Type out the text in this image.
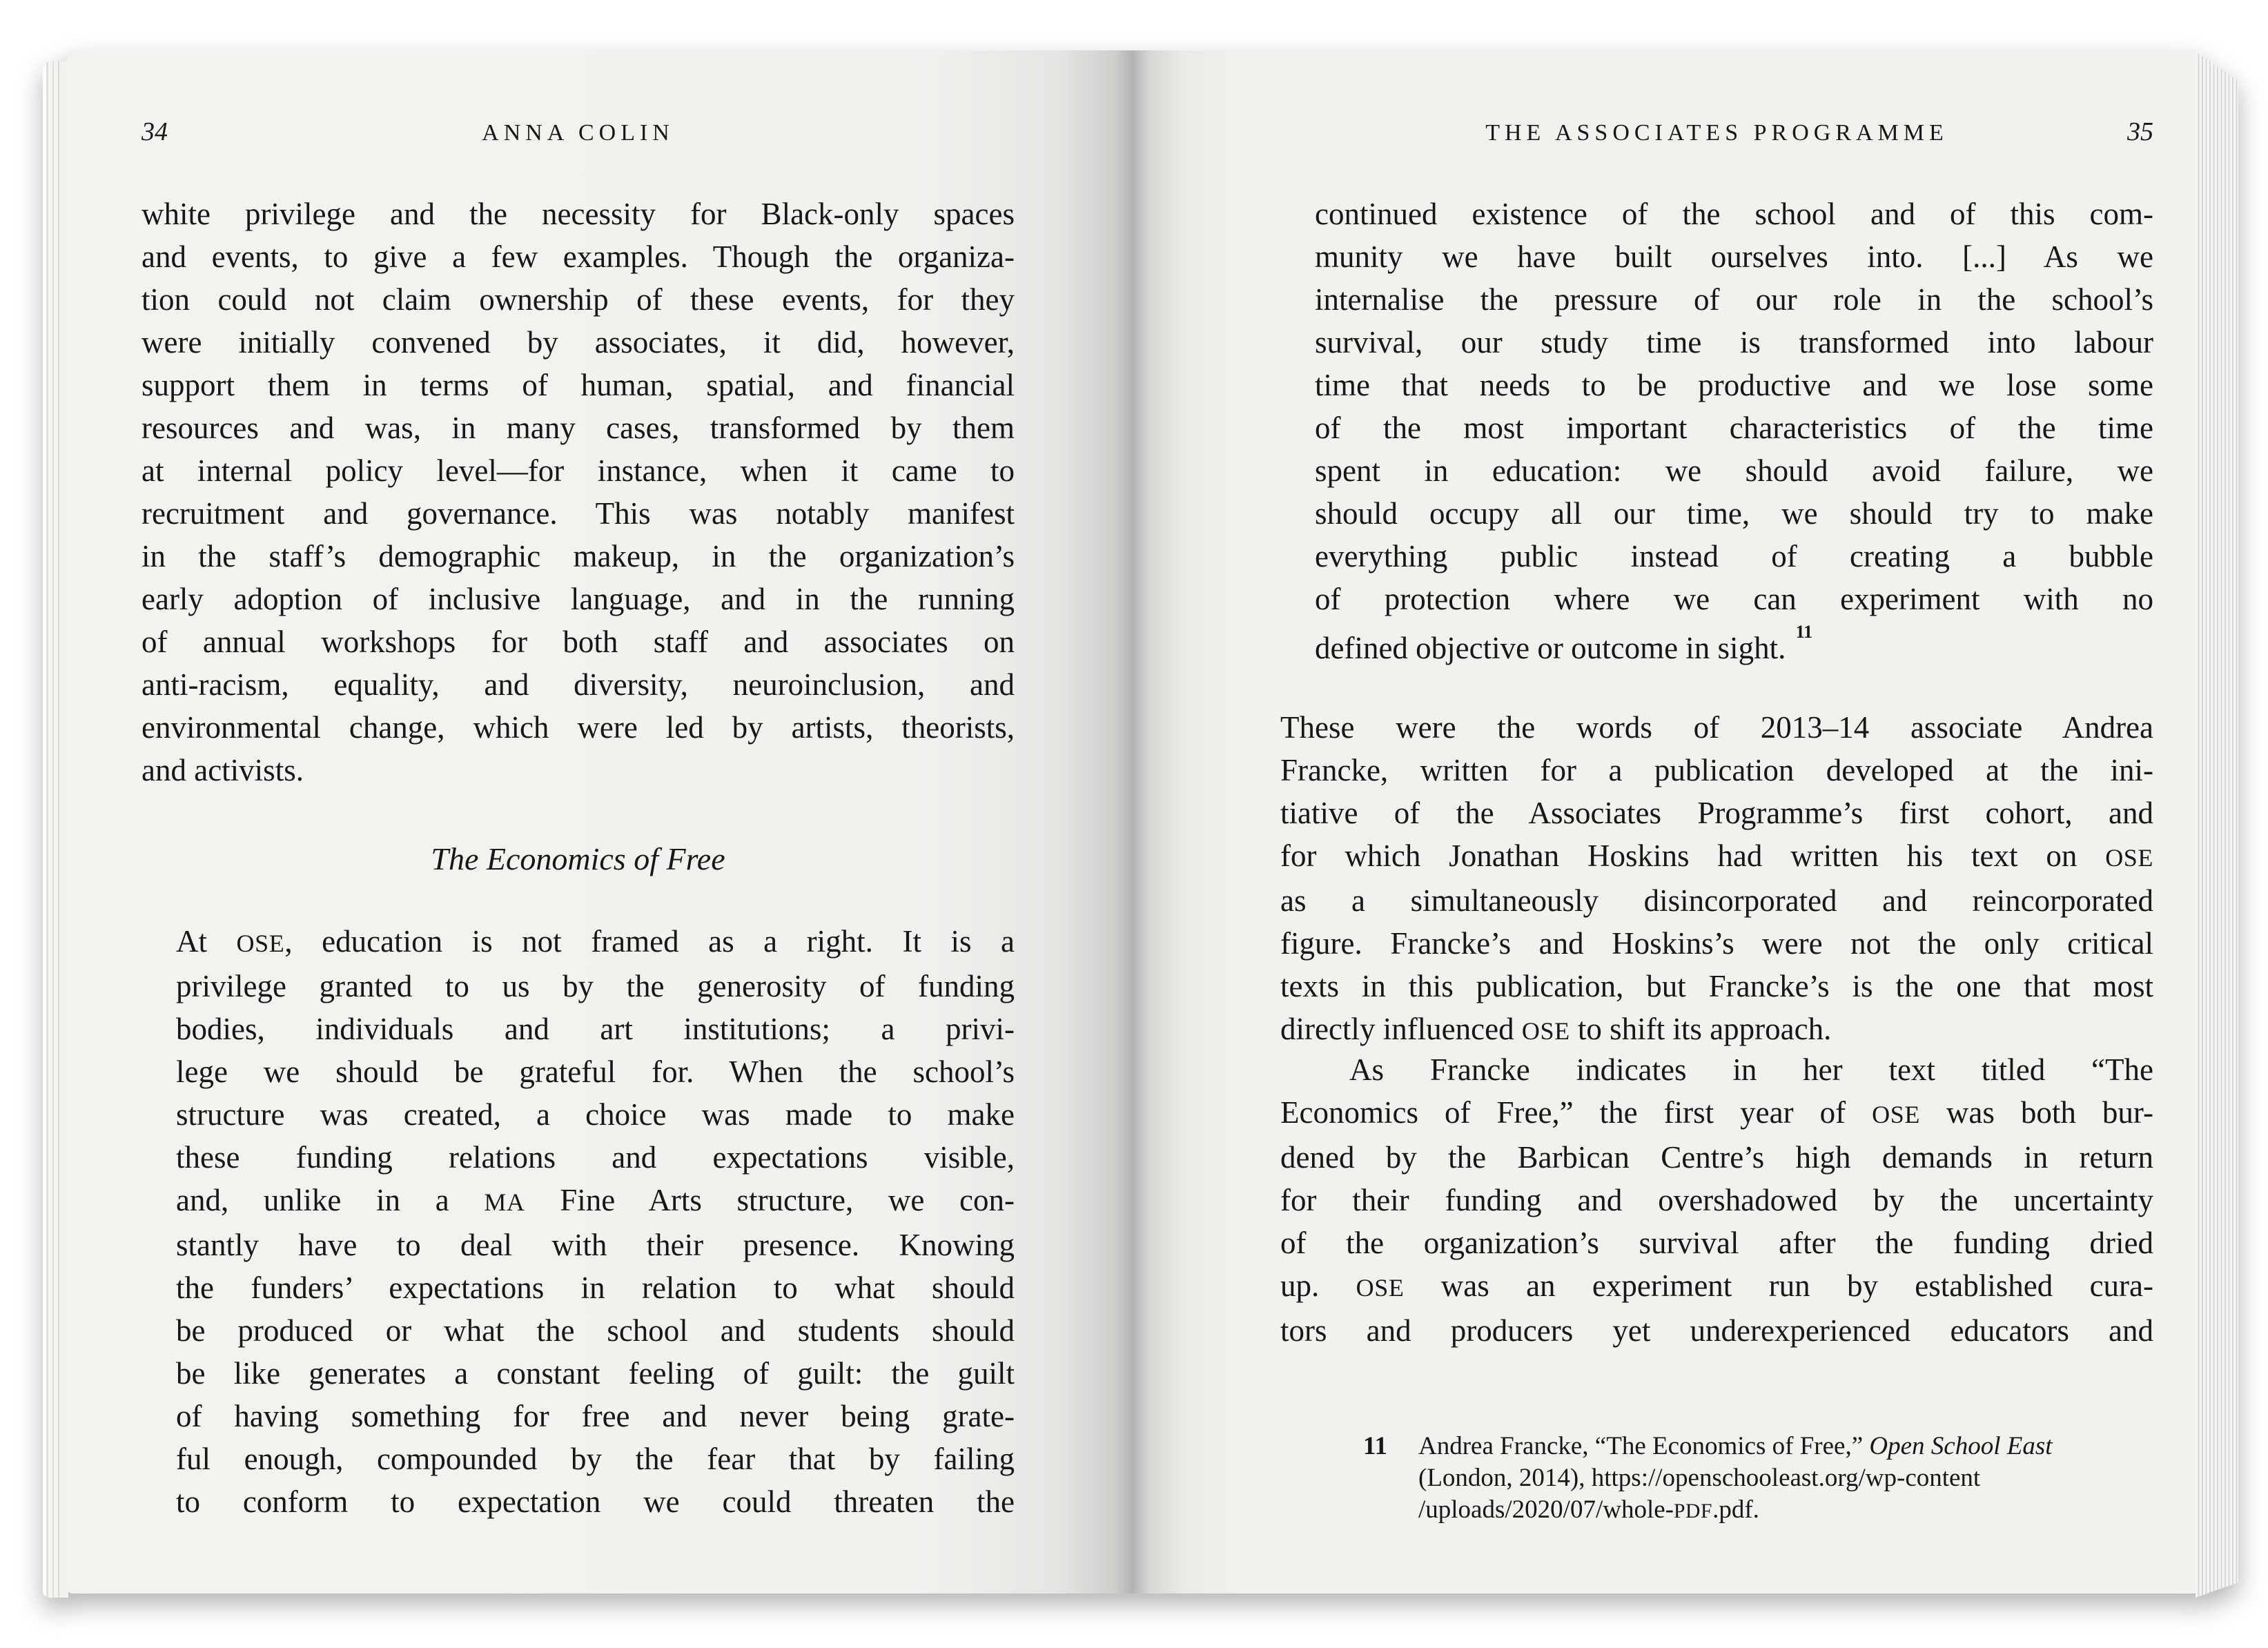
34	ANNA COLIN
white privilege and the necessity for Black-only spaces
and events, to give a few examples. Though the organiza-
tion could not claim ownership of these events, for they
were initially convened by associates, it did, however,
support them in terms of human, spatial, and financial
resources and was, in many cases, transformed by them
at internal policy level—for instance, when it came to
recruitment and governance. This was notably manifest
in the staff’s demographic makeup, in the organization’s
early adoption of inclusive language, and in the running
of annual workshops for both staff and associates on
anti-racism, equality, and diversity, neuroinclusion, and
environmental change, which were led by artists, theorists,
and activists.
The Economics of Free
At OSE, education is not framed as a right. It is a
privilege granted to us by the generosity of funding
bodies, individuals and art institutions; a privi-
lege we should be grateful for. When the school’s
structure was created, a choice was made to make
these funding relations and expectations visible,
and, unlike in a MA Fine Arts structure, we con-
stantly have to deal with their presence. Knowing
the funders’ expectations in relation to what should
be produced or what the school and students should
be like generates a constant feeling of guilt: the guilt
of having something for free and never being grate-
ful enough, compounded by the fear that by failing
to conform to expectation we could threaten the
THE ASSOCIATES PROGRAMME	35
continued existence of the school and of this com-
munity we have built ourselves into. [...] As we
internalise the pressure of our role in the school’s
survival, our study time is transformed into labour
time that needs to be productive and we lose some
of the most important characteristics of the time
spent in education: we should avoid failure, we
should occupy all our time, we should try to make
everything public instead of creating a bubble
of protection where we can experiment with no
defined objective or outcome in sight. $^{11}$
These were the words of 2013–14 associate Andrea
Francke, written for a publication developed at the ini-
tiative of the Associates Programme’s first cohort, and
for which Jonathan Hoskins had written his text on OSE
as a simultaneously disincorporated and reincorporated
figure. Francke’s and Hoskins’s were not the only critical
texts in this publication, but Francke’s is the one that most
directly influenced OSE to shift its approach.
As Francke indicates in her text titled “The
Economics of Free,” the first year of OSE was both bur-
dened by the Barbican Centre’s high demands in return
for their funding and overshadowed by the uncertainty
of the organization’s survival after the funding dried
up. OSE was an experiment run by established cura-
tors and producers yet underexperienced educators and
11	Andrea Francke, “The Economics of Free,” Open School East
(London, 2014), https://openschooleast.org/wp-content
/uploads/2020/07/whole-PDF.pdf.
